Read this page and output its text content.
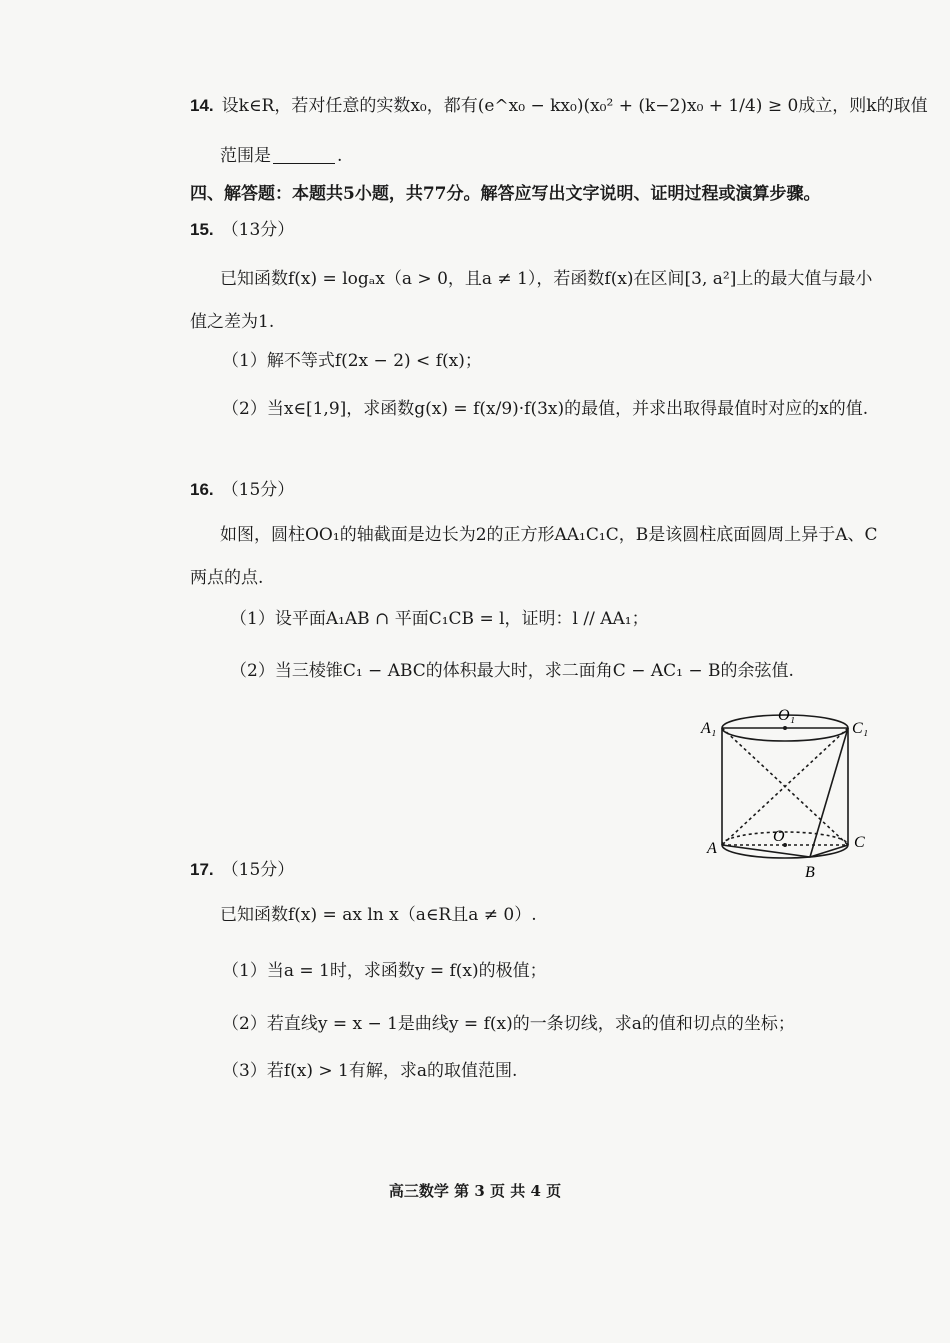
14. 设k∈R，若对任意的实数x₀，都有(e^x₀ − kx₀)(x₀² + (k−2)x₀ + 1/4) ≥ 0成立，则k的取值
范围是	.
四、解答题：本题共5小题，共77分。解答应写出文字说明、证明过程或演算步骤。
15. （13分）
已知函数f(x) = logₐx（a > 0，且a ≠ 1），若函数f(x)在区间[3, a²]上的最大值与最小
值之差为1.
（1）解不等式f(2x − 2) < f(x)；
（2）当x∈[1,9]，求函数g(x) = f(x/9)·f(3x)的最值，并求出取得最值时对应的x的值.
16. （15分）
如图，圆柱OO₁的轴截面是边长为2的正方形AA₁C₁C，B是该圆柱底面圆周上异于A、C
两点的点.
（1）设平面A₁AB ∩ 平面C₁CB = l，证明：l // AA₁；
（2）当三棱锥C₁ − ABC的体积最大时，求二面角C − AC₁ − B的余弦值.
A₁
O₁
C₁
A
O	C
B
17. （15分）
已知函数f(x) = ax ln x（a∈R且a ≠ 0）.
（1）当a = 1时，求函数y = f(x)的极值；
（2）若直线y = x − 1是曲线y = f(x)的一条切线，求a的值和切点的坐标；
（3）若f(x) > 1有解，求a的取值范围.
高三数学 第 3 页 共 4 页
